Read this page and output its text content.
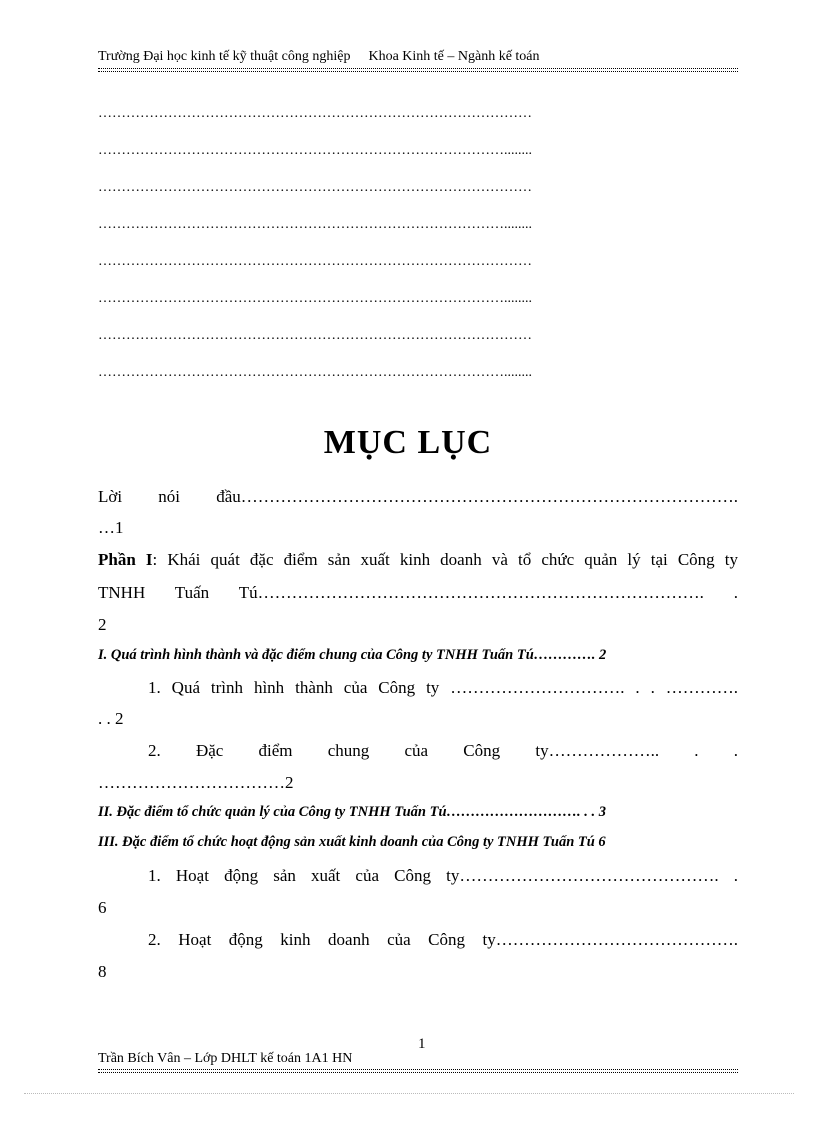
Trường Đại học kinh tế kỹ thuật công nghiệp Khoa Kinh tế – Ngành kế toán
…………………………………………………………………………………
……………………………………………………………………………........
…………………………………………………………………………………
……………………………………………………………………………........
…………………………………………………………………………………
……………………………………………………………………………........
…………………………………………………………………………………
……………………………………………………………………………........
MỤC LỤC
Lời nói đầu…………………………………………………………………………….
…1
Phần I: Khái quát đặc điểm sản xuất kinh doanh và tổ chức quản lý tại Công ty
TNHH Tuấn Tú……………………………………………………………………. .
2
I. Quá trình hình thành và đặc điểm chung của Công ty TNHH Tuấn Tú…………. 2
1. Quá trình hình thành của Công ty …………………………. . . ………….
. . 2
2. Đặc điểm chung của Công ty……………….. . .
……………………………2
II. Đặc điểm tổ chức quản lý của Công ty TNHH Tuấn Tú………………………. . . 3
III. Đặc điểm tổ chức hoạt động sản xuất kinh doanh của Công ty TNHH Tuấn Tú 6
1. Hoạt động sản xuất của Công ty………………………………………. .
6
2. Hoạt động kinh doanh của Công ty…………………………………….
8
1
Trần Bích Vân – Lớp DHLT kế toán 1A1 HN
